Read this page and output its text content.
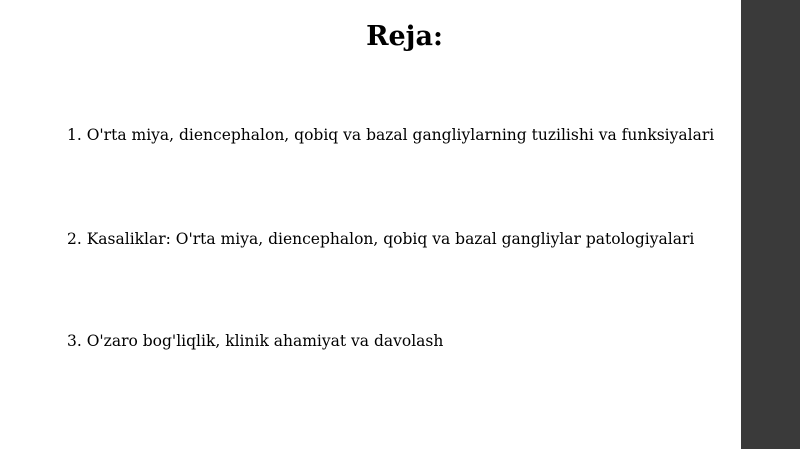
Reja:

1. O'rta miya, diencephalon, qobiq va bazal gangliylarning tuzilishi va funksiyalari

2. Kasaliklar: O'rta miya, diencephalon, qobiq va bazal gangliylar patologiyalari

3. O'zaro bog'liqlik, klinik ahamiyat va davolash
